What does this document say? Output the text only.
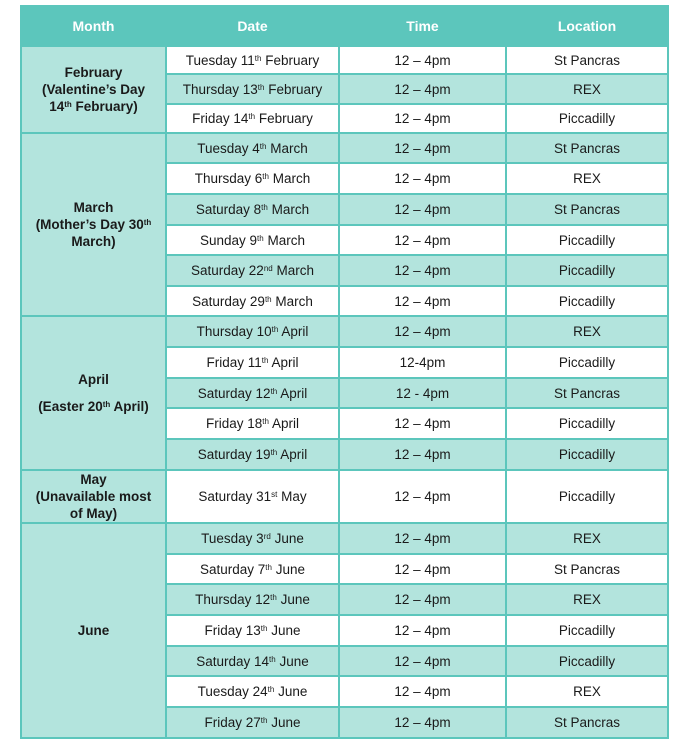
Month	Date	Time	Location

February
(Valentine’s Day
14th February)	Tuesday 11th February	12 – 4pm	St Pancras
	Thursday 13th February	12 – 4pm	REX
	Friday 14th February	12 – 4pm	Piccadilly

March
(Mother’s Day 30th
March)	Tuesday 4th March	12 – 4pm	St Pancras
	Thursday 6th March	12 – 4pm	REX
	Saturday 8th March	12 – 4pm	St Pancras
	Sunday 9th March	12 – 4pm	Piccadilly
	Saturday 22nd March	12 – 4pm	Piccadilly
	Saturday 29th March	12 – 4pm	Piccadilly

April
(Easter 20th April)	Thursday 10th April	12 – 4pm	REX
	Friday 11th April	12-4pm	Piccadilly
	Saturday 12th April	12 - 4pm	St Pancras
	Friday 18th April	12 – 4pm	Piccadilly
	Saturday 19th April	12 – 4pm	Piccadilly

May
(Unavailable most
of May)	Saturday 31st May	12 – 4pm	Piccadilly

June	Tuesday 3rd June	12 – 4pm	REX
	Saturday 7th June	12 – 4pm	St Pancras
	Thursday 12th June	12 – 4pm	REX
	Friday 13th June	12 – 4pm	Piccadilly
	Saturday 14th June	12 – 4pm	Piccadilly
	Tuesday 24th June	12 – 4pm	REX
	Friday 27th June	12 – 4pm	St Pancras
